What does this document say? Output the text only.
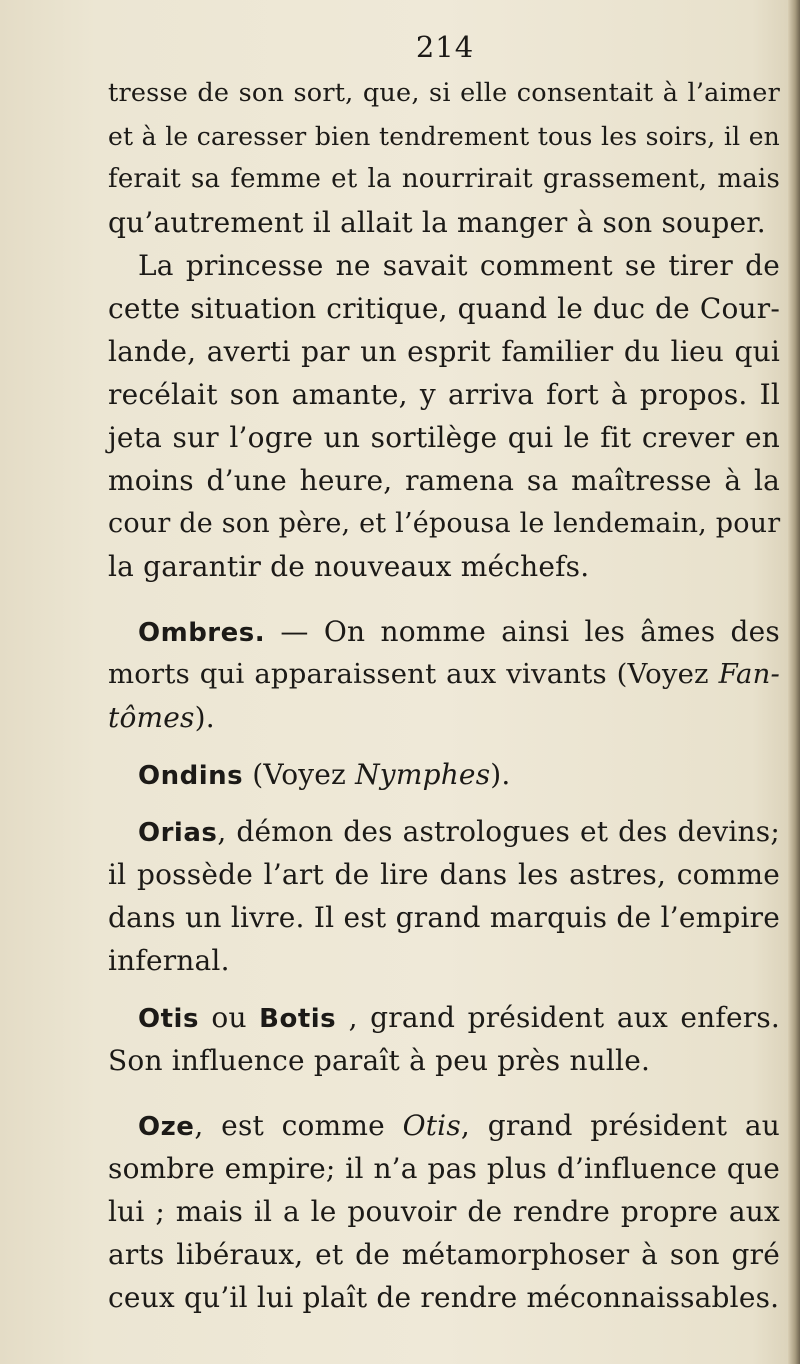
214
tresse de son sort, que, si elle consentait à l’aimer
et à le caresser bien tendrement tous les soirs, il en
ferait sa femme et la nourrirait grassement, mais
qu’autrement il allait la manger à son souper.
La princesse ne savait comment se tirer de
cette situation critique, quand le duc de Cour-
lande, averti par un esprit familier du lieu qui
recélait son amante, y arriva fort à propos. Il
jeta sur l’ogre un sortilège qui le fit crever en
moins d’une heure, ramena sa maîtresse à la
cour de son père, et l’épousa le lendemain, pour
la garantir de nouveaux méchefs.
Ombres. — On nomme ainsi les âmes des
morts qui apparaissent aux vivants (Voyez Fan-
tômes).
Ondins (Voyez Nymphes).
Orias, démon des astrologues et des devins;
il possède l’art de lire dans les astres, comme
dans un livre. Il est grand marquis de l’empire
infernal.
Otis ou Botis , grand président aux enfers.
Son influence paraît à peu près nulle.
Oze, est comme Otis, grand président au
sombre empire; il n’a pas plus d’influence que
lui ; mais il a le pouvoir de rendre propre aux
arts libéraux, et de métamorphoser à son gré
ceux qu’il lui plaît de rendre méconnaissables.
